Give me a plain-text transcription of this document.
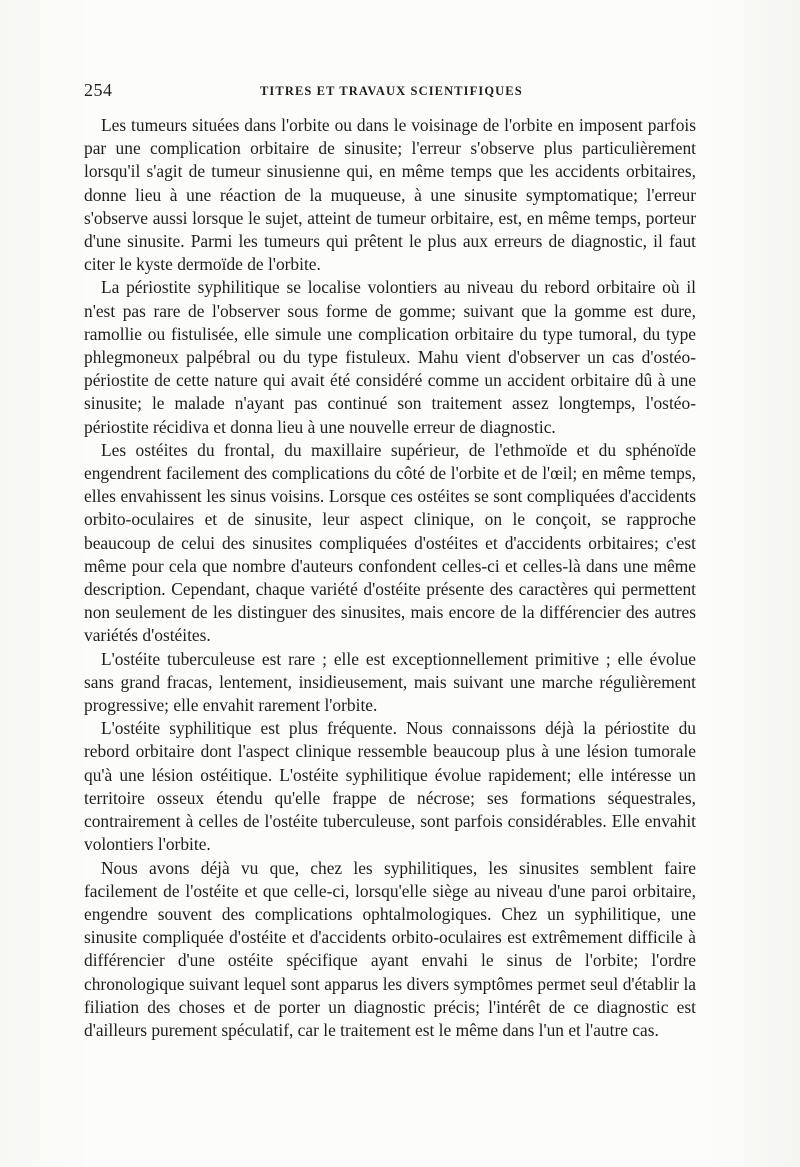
254	TITRES ET TRAVAUX SCIENTIFIQUES

Les tumeurs situées dans l'orbite ou dans le voisinage de l'orbite en imposent parfois par une complication orbitaire de sinusite; l'erreur s'observe plus particulièrement lorsqu'il s'agit de tumeur sinusienne qui, en même temps que les accidents orbitaires, donne lieu à une réaction de la muqueuse, à une sinusite symptomatique; l'erreur s'observe aussi lorsque le sujet, atteint de tumeur orbitaire, est, en même temps, porteur d'une sinusite. Parmi les tumeurs qui prêtent le plus aux erreurs de diagnostic, il faut citer le kyste dermoïde de l'orbite.

La périostite syphilitique se localise volontiers au niveau du rebord orbitaire où il n'est pas rare de l'observer sous forme de gomme; suivant que la gomme est dure, ramollie ou fistulisée, elle simule une complication orbitaire du type tumoral, du type phlegmoneux palpébral ou du type fistuleux. Mahu vient d'observer un cas d'ostéo-périostite de cette nature qui avait été considéré comme un accident orbitaire dû à une sinusite; le malade n'ayant pas continué son traitement assez longtemps, l'ostéo-périostite récidiva et donna lieu à une nouvelle erreur de diagnostic.

Les ostéites du frontal, du maxillaire supérieur, de l'ethmoïde et du sphénoïde engendrent facilement des complications du côté de l'orbite et de l'œil; en même temps, elles envahissent les sinus voisins. Lorsque ces ostéites se sont compliquées d'accidents orbito-oculaires et de sinusite, leur aspect clinique, on le conçoit, se rapproche beaucoup de celui des sinusites compliquées d'ostéites et d'accidents orbitaires; c'est même pour cela que nombre d'auteurs confondent celles-ci et celles-là dans une même description. Cependant, chaque variété d'ostéite présente des caractères qui permettent non seulement de les distinguer des sinusites, mais encore de la différencier des autres variétés d'ostéites.

L'ostéite tuberculeuse est rare ; elle est exceptionnellement primitive ; elle évolue sans grand fracas, lentement, insidieusement, mais suivant une marche régulièrement progressive; elle envahit rarement l'orbite.

L'ostéite syphilitique est plus fréquente. Nous connaissons déjà la périostite du rebord orbitaire dont l'aspect clinique ressemble beaucoup plus à une lésion tumorale qu'à une lésion ostéitique. L'ostéite syphilitique évolue rapidement; elle intéresse un territoire osseux étendu qu'elle frappe de nécrose; ses formations séquestrales, contrairement à celles de l'ostéite tuberculeuse, sont parfois considérables. Elle envahit volontiers l'orbite.

Nous avons déjà vu que, chez les syphilitiques, les sinusites semblent faire facilement de l'ostéite et que celle-ci, lorsqu'elle siège au niveau d'une paroi orbitaire, engendre souvent des complications ophtalmologiques. Chez un syphilitique, une sinusite compliquée d'ostéite et d'accidents orbito-oculaires est extrêmement difficile à différencier d'une ostéite spécifique ayant envahi le sinus de l'orbite; l'ordre chronologique suivant lequel sont apparus les divers symptômes permet seul d'établir la filiation des choses et de porter un diagnostic précis; l'intérêt de ce diagnostic est d'ailleurs purement spéculatif, car le traitement est le même dans l'un et l'autre cas.
